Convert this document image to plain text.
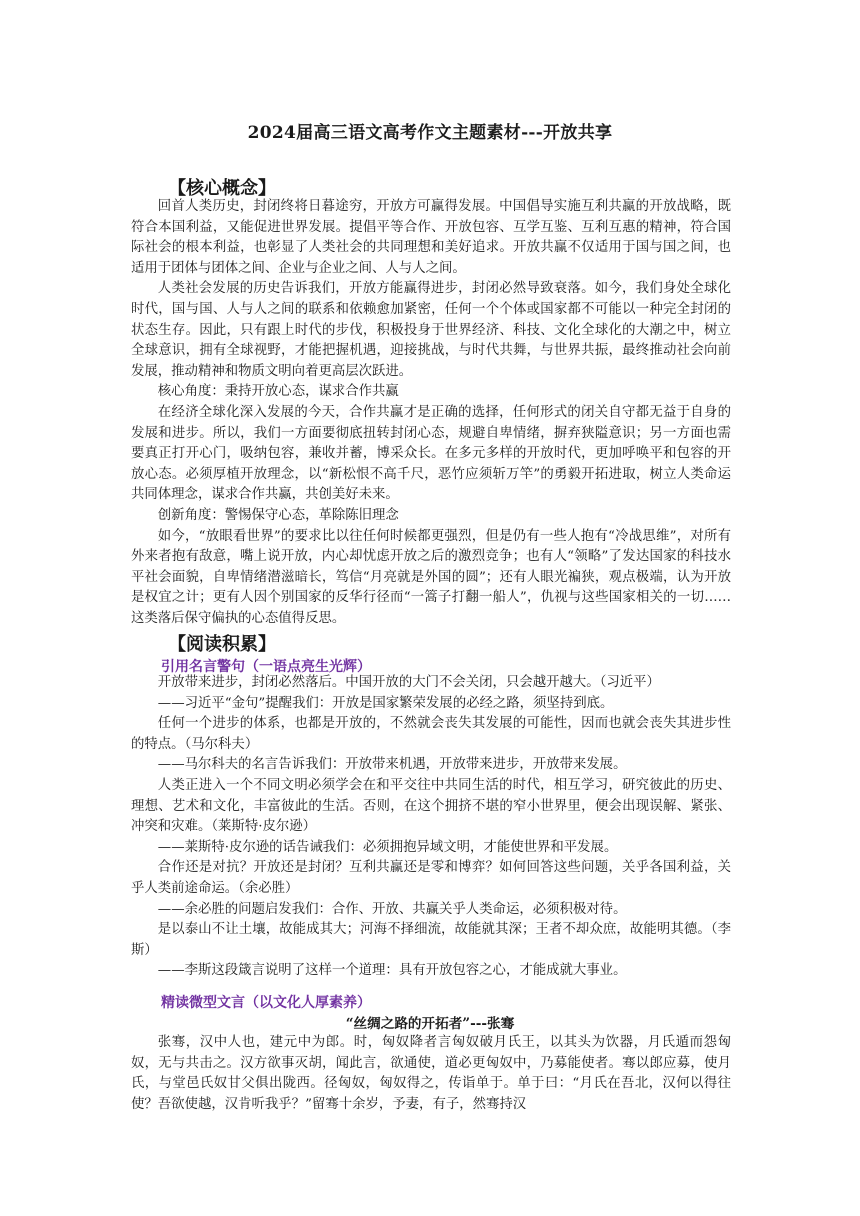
2024届高三语文高考作文主题素材---开放共享
【核心概念】

回首人类历史，封闭终将日暮途穷，开放方可赢得发展。中国倡导实施互利共赢的开放战略，既符合本国利益，又能促进世界发展。提倡平等合作、开放包容、互学互鉴、互利互惠的精神，符合国际社会的根本利益，也彰显了人类社会的共同理想和美好追求。开放共赢不仅适用于国与国之间，也适用于团体与团体之间、企业与企业之间、人与人之间。

人类社会发展的历史告诉我们，开放方能赢得进步，封闭必然导致衰落。如今，我们身处全球化时代，国与国、人与人之间的联系和依赖愈加紧密，任何一个个体或国家都不可能以一种完全封闭的状态生存。因此，只有跟上时代的步伐，积极投身于世界经济、科技、文化全球化的大潮之中，树立全球意识，拥有全球视野，才能把握机遇，迎接挑战，与时代共舞，与世界共振，最终推动社会向前发展，推动精神和物质文明向着更高层次跃进。

核心角度：秉持开放心态，谋求合作共赢

在经济全球化深入发展的今天，合作共赢才是正确的选择，任何形式的闭关自守都无益于自身的发展和进步。所以，我们一方面要彻底扭转封闭心态，规避自卑情绪，摒弃狭隘意识；另一方面也需要真正打开心门，吸纳包容，兼收并蓄，博采众长。在多元多样的开放时代，更加呼唤平和包容的开放心态。必须厚植开放理念，以“新松恨不高千尺，恶竹应须斩万竿”的勇毅开拓进取，树立人类命运共同体理念，谋求合作共赢，共创美好未来。

创新角度：警惕保守心态，革除陈旧理念

如今，“放眼看世界”的要求比以往任何时候都更强烈，但是仍有一些人抱有“冷战思维”，对所有外来者抱有敌意，嘴上说开放，内心却忧虑开放之后的激烈竞争；也有人“领略”了发达国家的科技水平社会面貌，自卑情绪潜滋暗长，笃信“月亮就是外国的圆”；还有人眼光褊狭，观点极端，认为开放是权宜之计；更有人因个别国家的反华行径而“一篙子打翻一船人”，仇视与这些国家相关的一切……这类落后保守偏执的心态值得反思。

【阅读积累】
引用名言警句（一语点亮生光辉）

开放带来进步，封闭必然落后。中国开放的大门不会关闭，只会越开越大。（习近平）

——习近平“金句”提醒我们：开放是国家繁荣发展的必经之路，须坚持到底。

任何一个进步的体系，也都是开放的，不然就会丧失其发展的可能性，因而也就会丧失其进步性的特点。（马尔科夫）

——马尔科夫的名言告诉我们：开放带来机遇，开放带来进步，开放带来发展。

人类正进入一个不同文明必须学会在和平交往中共同生活的时代，相互学习，研究彼此的历史、理想、艺术和文化，丰富彼此的生活。否则，在这个拥挤不堪的窄小世界里，便会出现误解、紧张、冲突和灾难。（莱斯特·皮尔逊）

——莱斯特·皮尔逊的话告诫我们：必须拥抱异域文明，才能使世界和平发展。

合作还是对抗？开放还是封闭？互利共赢还是零和博弈？如何回答这些问题，关乎各国利益，关乎人类前途命运。（余必胜）

——余必胜的问题启发我们：合作、开放、共赢关乎人类命运，必须积极对待。

是以泰山不让土壤，故能成其大；河海不择细流，故能就其深；王者不却众庶，故能明其德。（李斯）

——李斯这段箴言说明了这样一个道理：具有开放包容之心，才能成就大事业。

精读微型文言（以文化人厚素养）
“丝绸之路的开拓者”---张骞

张骞，汉中人也，建元中为郎。时，匈奴降者言匈奴破月氏王，以其头为饮器，月氏遁而怨匈奴，无与共击之。汉方欲事灭胡，闻此言，欲通使，道必更匈奴中，乃募能使者。骞以郎应募，使月氏，与堂邑氏奴甘父俱出陇西。径匈奴，匈奴得之，传诣单于。单于曰：“月氏在吾北，汉何以得往使？吾欲使越，汉肯听我乎？”留骞十余岁，予妻，有子，然骞持汉
